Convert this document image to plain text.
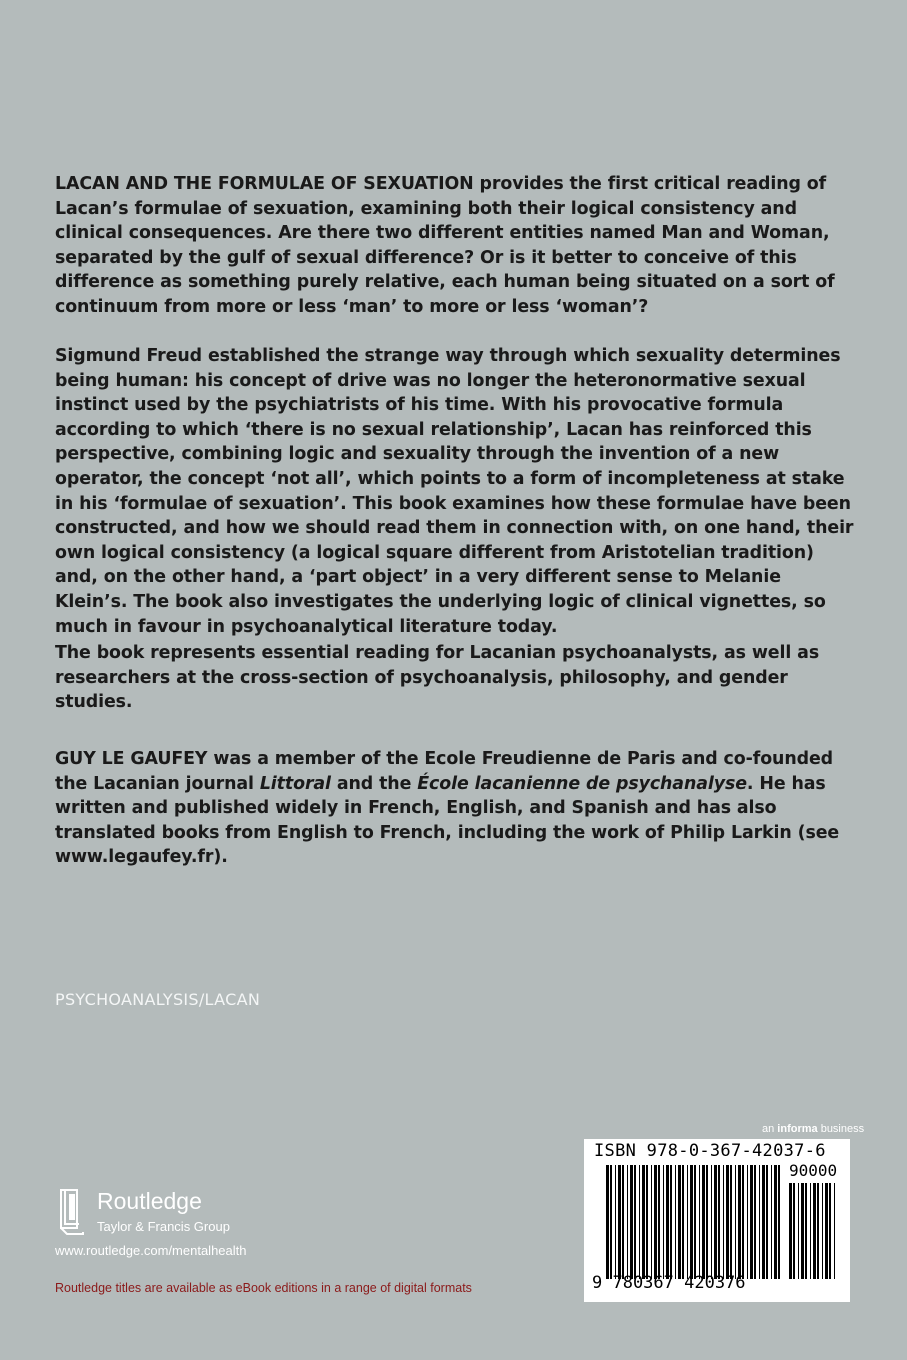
LACAN AND THE FORMULAE OF SEXUATION provides the first critical reading of Lacan’s formulae of sexuation, examining both their logical consistency and clinical consequences. Are there two different entities named Man and Woman, separated by the gulf of sexual difference? Or is it better to conceive of this difference as something purely relative, each human being situated on a sort of continuum from more or less ‘man’ to more or less ‘woman’?

Sigmund Freud established the strange way through which sexuality determines being human: his concept of drive was no longer the heteronormative sexual instinct used by the psychiatrists of his time. With his provocative formula according to which ‘there is no sexual relationship’, Lacan has reinforced this perspective, combining logic and sexuality through the invention of a new operator, the concept ‘not all’, which points to a form of incompleteness at stake in his ‘formulae of sexuation’. This book examines how these formulae have been constructed, and how we should read them in connection with, on one hand, their own logical consistency (a logical square different from Aristotelian tradition) and, on the other hand, a ‘part object’ in a very different sense to Melanie Klein’s. The book also investigates the underlying logic of clinical vignettes, so much in favour in psychoanalytical literature today.

The book represents essential reading for Lacanian psychoanalysts, as well as researchers at the cross-section of psychoanalysis, philosophy, and gender studies.

GUY LE GAUFEY was a member of the Ecole Freudienne de Paris and co-founded the Lacanian journal Littoral and the École lacanienne de psychanalyse. He has written and published widely in French, English, and Spanish and has also translated books from English to French, including the work of Philip Larkin (see www.legaufey.fr).

PSYCHOANALYSIS/LACAN
Routledge
Taylor & Francis Group
www.routledge.com/mentalhealth
Routledge titles are available as eBook editions in a range of digital formats
an informa business
ISBN 978-0-367-42037-6
90000
9 780367 420376
